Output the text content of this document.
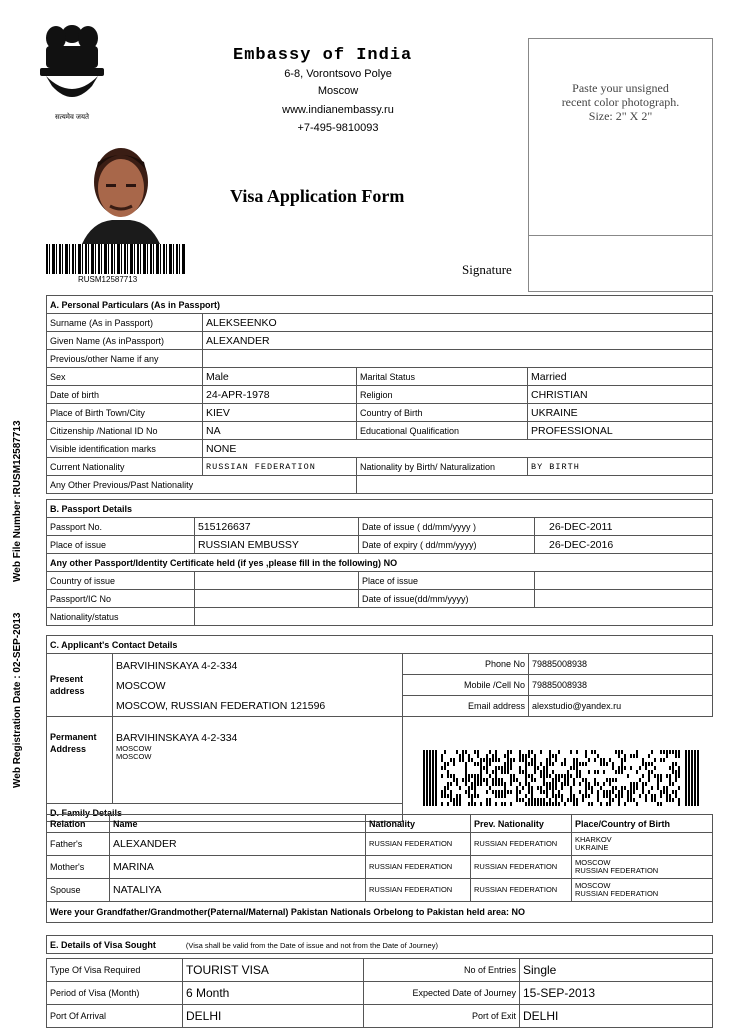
सत्यमेव जयते
Embassy of India
6-8, Vorontsovo Polye
Moscow
www.indianembassy.ru
+7-495-9810093
RUSM12587713
Visa Application Form
Paste your unsigned
recent color photograph.
Size: 2" X 2"
Signature
Web File Number :RUSM12587713
Web Registration Date : 02-SEP-2013
A. Personal Particulars (As in Passport)			
Surname (As in Passport)	ALEKSEENKO		
Given Name (As inPassport)	ALEXANDER		
Previous/other Name if any			
Sex	Male	Marital Status	Married
Date of birth	24-APR-1978	Religion	CHRISTIAN
Place of Birth Town/City	KIEV	Country of Birth	UKRAINE
Citizenship /National ID No	NA	Educational Qualification	PROFESSIONAL
Visible identification marks	NONE		
Current Nationality	RUSSIAN FEDERATION	Nationality by Birth/ Naturalization	BY BIRTH
Any Other Previous/Past Nationality			
B. Passport Details			
Passport No.	515126637	Date of issue ( dd/mm/yyyy )	26-DEC-2011
Place of issue	RUSSIAN EMBUSSY	Date of expiry ( dd/mm/yyyy)	26-DEC-2016
Any other Passport/Identity Certificate held (if yes ,please fill in the following) NO			
Country of issue		Place of issue	
Passport/IC No		Date of issue(dd/mm/yyyy)	
Nationality/status			
C. Applicant's Contact Details			
Present address	BARVIHINSKAYA 4-2-334
MOSCOW
MOSCOW, RUSSIAN FEDERATION 121596	Phone No	79885008938
		Mobile /Cell No	79885008938
		Email address	alexstudio@yandex.ru
Permanent Address	BARVIHINSKAYA 4-2-334
MOSCOW
MOSCOW		

D. Family Details			
Relation	Name	Nationality	Prev. Nationality	Place/Country of Birth
Father's	ALEXANDER	RUSSIAN FEDERATION	RUSSIAN FEDERATION	KHARKOV
UKRAINE

Mother's	MARINA	RUSSIAN FEDERATION	RUSSIAN FEDERATION	MOSCOW
RUSSIAN FEDERATION

Spouse	NATALIYA	RUSSIAN FEDERATION	RUSSIAN FEDERATION	MOSCOW
RUSSIAN FEDERATION

Were your Grandfather/Grandmother(Paternal/Maternal) Pakistan Nationals Orbelong to Pakistan held area: NO				
E. Details of Visa Sought (Visa shall be valid from the Date of issue and not from the Date of Journey)			

Type Of Visa Required	TOURIST VISA	No of Entries	Single
Period of Visa (Month)	6 Month	Expected Date of Journey	15-SEP-2013
Port Of Arrival	DELHI	Port of Exit	DELHI
